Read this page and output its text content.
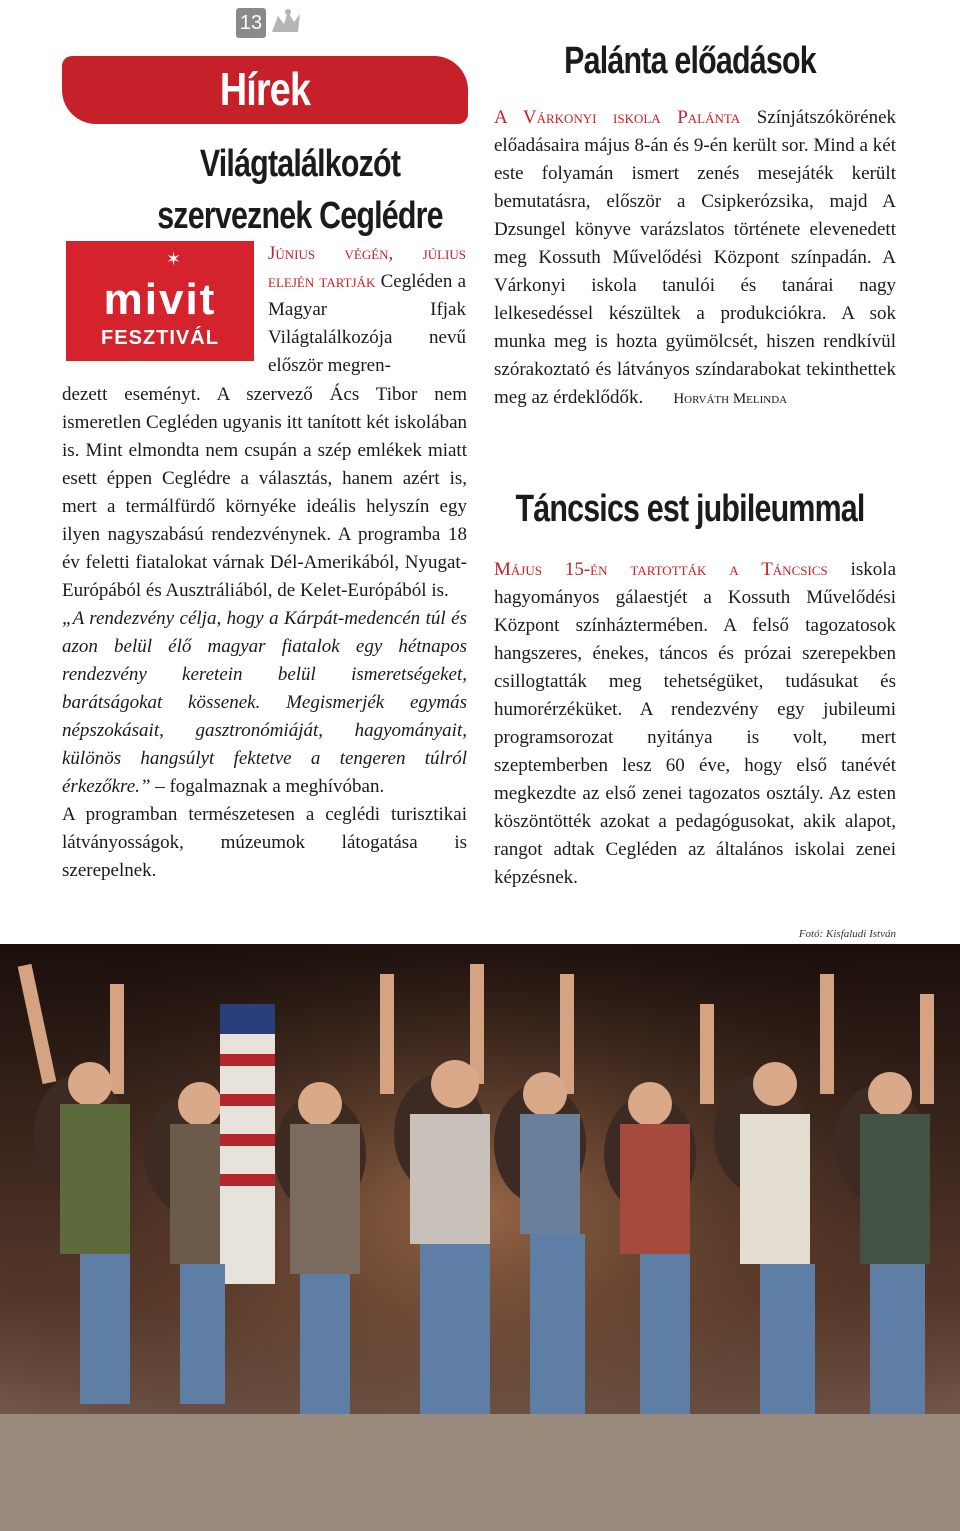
13
Hírek
Világtalálkozót
szerveznek Ceglédre
✶
mivit
FESZTIVÁL

Június végén, július elején tartják Cegléden a Magyar Ifjak Világtalálkozója nevű először megren-

dezett eseményt. A szervező Ács Tibor nem ismeretlen Cegléden ugyanis itt tanított két iskolában is. Mint elmondta nem csupán a szép emlékek miatt esett éppen Ceglédre a választás, hanem azért is, mert a termálfürdő környéke ideális helyszín egy ilyen nagyszabású rendezvénynek. A programba 18 év feletti fiatalokat várnak Dél-Amerikából, Nyugat-Európából és Ausztráliából, de Kelet-Európából is.

„A rendezvény célja, hogy a Kárpát-medencén túl és azon belül élő magyar fiatalok egy hétnapos rendezvény keretein belül ismeretségeket, barátságokat kössenek. Megismerjék egymás népszokásait, gasztronómiáját, hagyományait, különös hangsúlyt fektetve a tengeren túlról érkezőkre.” – fogalmaznak a meghívóban.

A programban természetesen a ceglédi turisztikai látványosságok, múzeumok látogatása is szerepelnek.

Palánta előadások

A Várkonyi iskola Palánta Színjátszókörének előadásaira május 8-án és 9-én került sor. Mind a két este folyamán ismert zenés mesejáték került bemutatásra, először a Csipkerózsika, majd A Dzsungel könyve varázslatos története elevenedett meg Kossuth Művelődési Központ színpadán. A Várkonyi iskola tanulói és tanárai nagy lelkesedéssel készültek a produkciókra. A sok munka meg is hozta gyümölcsét, hiszen rendkívül szórakoztató és látványos színdarabokat tekinthettek meg az érdeklődők. Horváth Melinda

Táncsics est jubileummal

Május 15-én tartották a Táncsics iskola hagyományos gálaestjét a Kossuth Művelődési Központ színháztermében. A felső tagozatosok hangszeres, énekes, táncos és prózai szerepekben csillogtatták meg tehetségüket, tudásukat és humorérzéküket. A rendezvény egy jubileumi programsorozat nyitánya is volt, mert szeptemberben lesz 60 éve, hogy első tanévét megkezdte az első zenei tagozatos osztály. Az esten köszöntötték azokat a pedagógusokat, akik alapot, rangot adtak Cegléden az általános iskolai zenei képzésnek.

Fotó: Kisfaludi István
